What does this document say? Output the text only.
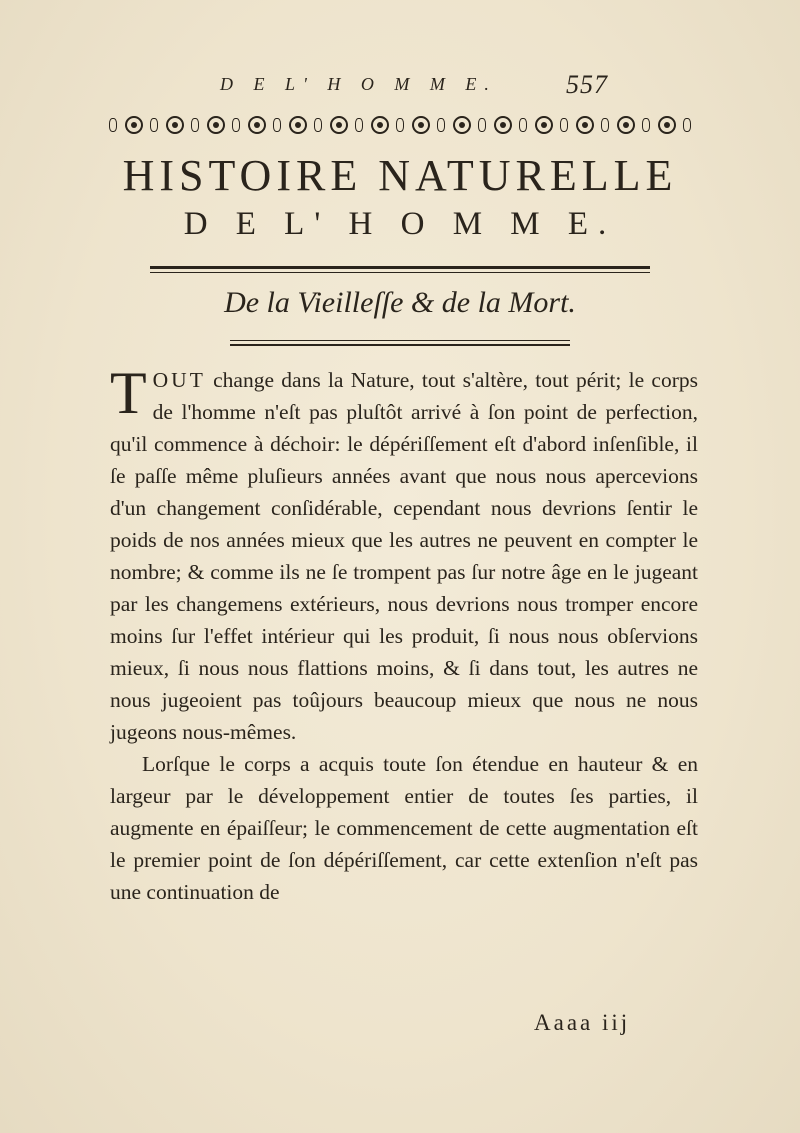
D E L' H O M M E.	557
HISTOIRE NATURELLE
D E L' H O M M E.
De la Vieilleſſe & de la Mort.

TOUT change dans la Nature, tout s'altère, tout périt; le corps de l'homme n'eſt pas pluſtôt arrivé à ſon point de perfection, qu'il commence à déchoir: le dépériſſement eſt d'abord inſenſible, il ſe paſſe même pluſieurs années avant que nous nous apercevions d'un changement conſidérable, cependant nous devrions ſentir le poids de nos années mieux que les autres ne peuvent en compter le nombre; & comme ils ne ſe trompent pas ſur notre âge en le jugeant par les changemens extérieurs, nous devrions nous tromper encore moins ſur l'effet intérieur qui les produit, ſi nous nous obſervions mieux, ſi nous nous flattions moins, & ſi dans tout, les autres ne nous jugeoient pas toûjours beaucoup mieux que nous ne nous jugeons nous-mêmes.

Lorſque le corps a acquis toute ſon étendue en hauteur & en largeur par le développement entier de toutes ſes parties, il augmente en épaiſſeur; le commencement de cette augmentation eſt le premier point de ſon dépériſſement, car cette extenſion n'eſt pas une continuation de

Aaaa iij
